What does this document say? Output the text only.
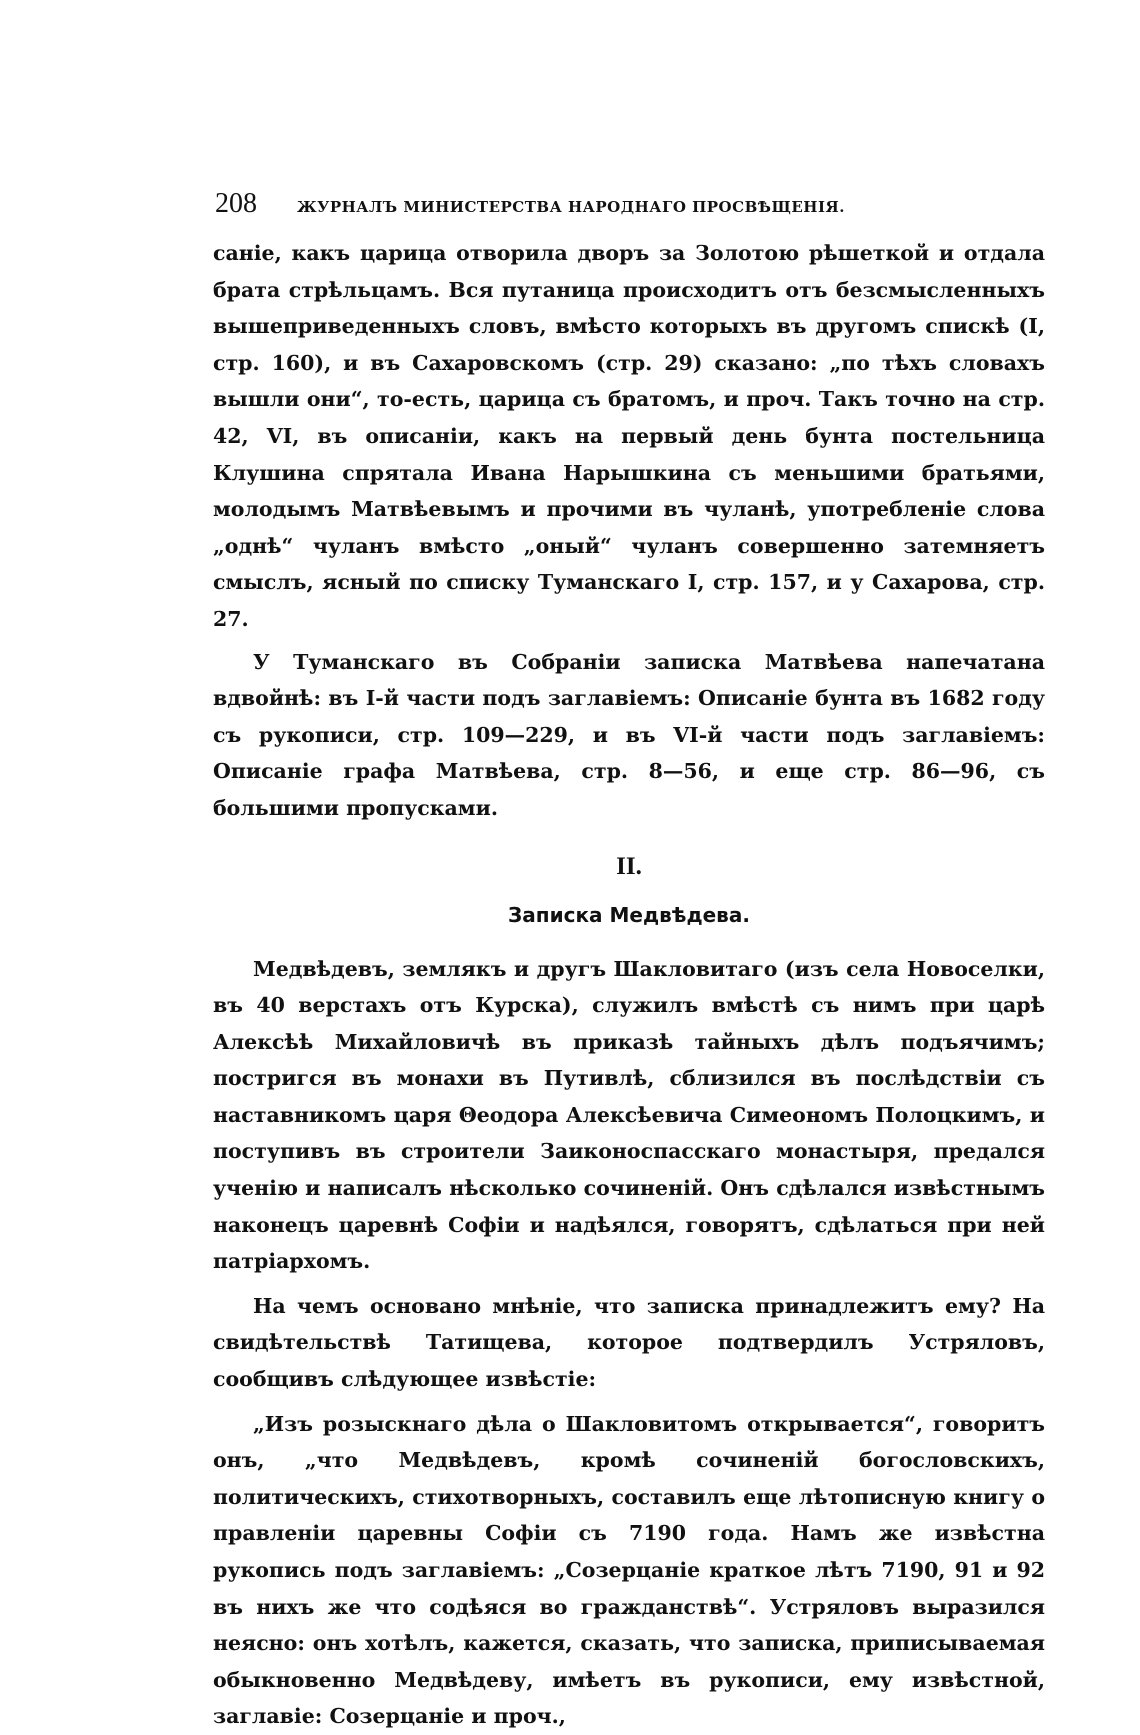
208	ЖУРНАЛЪ МИНИСТЕРСТВА НАРОДНАГО ПРОСВѢЩЕНІЯ.

саніе, какъ царица отворила дворъ за Золотою рѣшеткой и отдала брата стрѣльцамъ. Вся путаница происходитъ отъ безсмысленныхъ вышеприведенныхъ словъ, вмѣсто которыхъ въ другомъ спискѣ (I, стр. 160), и въ Сахаровскомъ (стр. 29) сказано: „по тѣхъ словахъ вышли они“, то-есть, царица съ братомъ, и проч. Такъ точно на стр. 42, VI, въ описаніи, какъ на первый день бунта постельница Клушина спрятала Ивана Нарышкина съ меньшими братьями, молодымъ Матвѣевымъ и прочими въ чуланѣ, употребленіе слова „однѣ“ чуланъ вмѣсто „оный“ чуланъ совершенно затемняетъ смыслъ, ясный по списку Туманскаго I, стр. 157, и у Сахарова, стр. 27.

У Туманскаго въ Собраніи записка Матвѣева напечатана вдвойнѣ: въ I-й части подъ заглавіемъ: Описаніе бунта въ 1682 году съ рукописи, стр. 109—229, и въ VI-й части подъ заглавіемъ: Описаніе графа Матвѣева, стр. 8—56, и еще стр. 86—96, съ большими пропусками.

II.
Записка Медвѣдева.

Медвѣдевъ, землякъ и другъ Шакловитаго (изъ села Новоселки, въ 40 верстахъ отъ Курска), служилъ вмѣстѣ съ нимъ при царѣ Алексѣѣ Михайловичѣ въ приказѣ тайныхъ дѣлъ подъячимъ; постригся въ монахи въ Путивлѣ, сблизился въ послѣдствіи съ наставникомъ царя Θеодора Алексѣевича Симеономъ Полоцкимъ, и поступивъ въ строители Заиконоспасскаго монастыря, предался ученію и написалъ нѣсколько сочиненій. Онъ сдѣлался извѣстнымъ наконецъ царевнѣ Софіи и надѣялся, говорятъ, сдѣлаться при ней патріархомъ.

На чемъ основано мнѣніе, что записка принадлежитъ ему? На свидѣтельствѣ Татищева, которое подтвердилъ Устряловъ, сообщивъ слѣдующее извѣстіе:

„Изъ розыскнаго дѣла о Шакловитомъ открывается“, говоритъ онъ, „что Медвѣдевъ, кромѣ сочиненій богословскихъ, политическихъ, стихотворныхъ, составилъ еще лѣтописную книгу о правленіи царевны Софіи съ 7190 года. Намъ же извѣстна рукопись подъ заглавіемъ: „Созерцаніе краткое лѣтъ 7190, 91 и 92 въ нихъ же что содѣяся во гражданствѣ“. Устряловъ выразился неясно: онъ хотѣлъ, кажется, сказать, что записка, приписываемая обыкновенно Медвѣдеву, имѣетъ въ рукописи, ему извѣстной, заглавіе: Созерцаніе и проч.,
